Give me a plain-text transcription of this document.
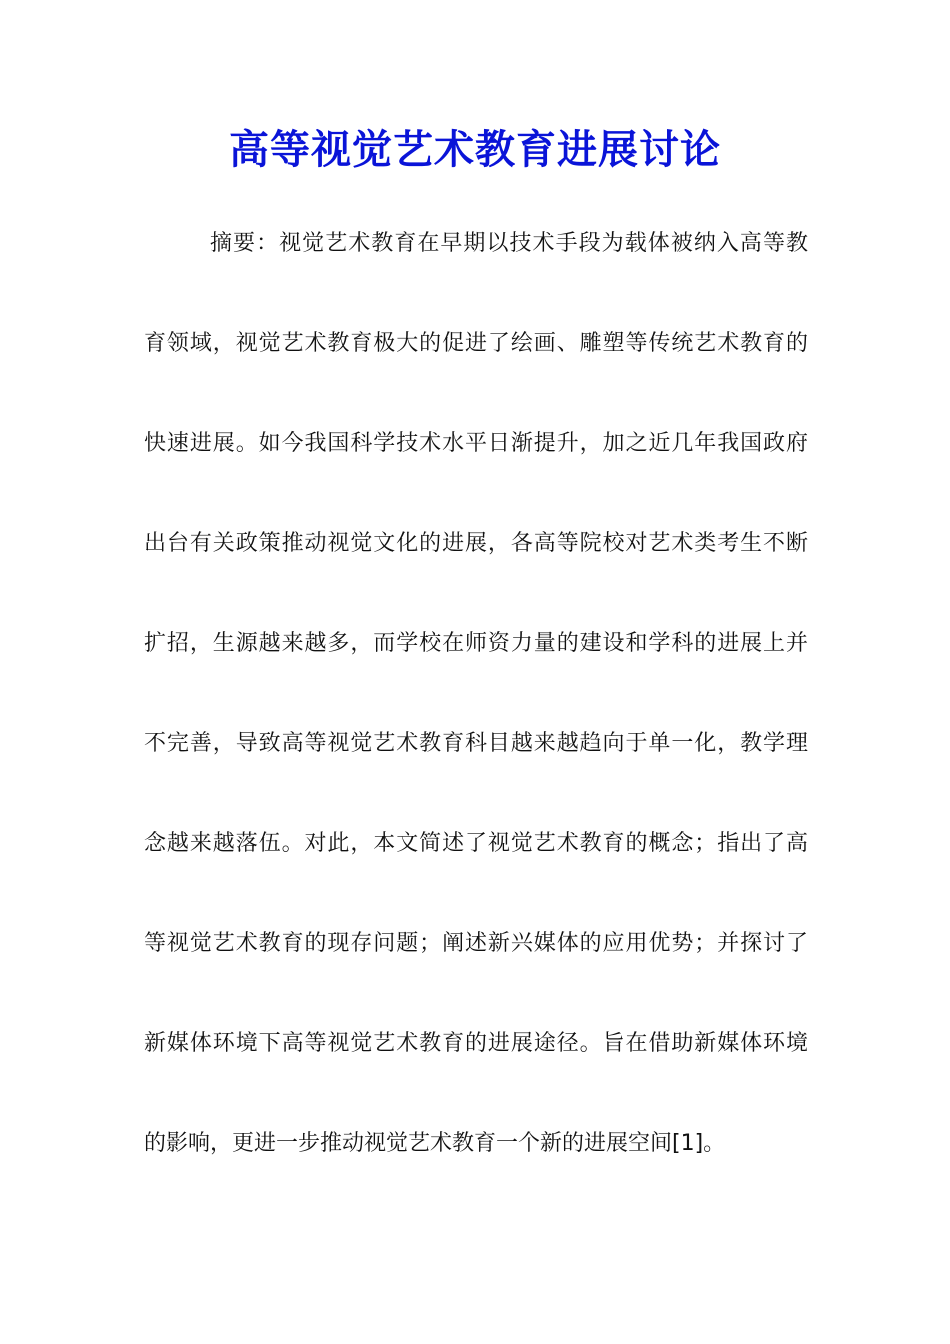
高等视觉艺术教育进展讨论
摘要：视觉艺术教育在早期以技术手段为载体被纳入高等教
育领域，视觉艺术教育极大的促进了绘画、雕塑等传统艺术教育的
快速进展。如今我国科学技术水平日渐提升，加之近几年我国政府
出台有关政策推动视觉文化的进展，各高等院校对艺术类考生不断
扩招，生源越来越多，而学校在师资力量的建设和学科的进展上并
不完善，导致高等视觉艺术教育科目越来越趋向于单一化，教学理
念越来越落伍。对此，本文简述了视觉艺术教育的概念；指出了高
等视觉艺术教育的现存问题；阐述新兴媒体的应用优势；并探讨了
新媒体环境下高等视觉艺术教育的进展途径。旨在借助新媒体环境
的影响，更进一步推动视觉艺术教育一个新的进展空间[1]。
